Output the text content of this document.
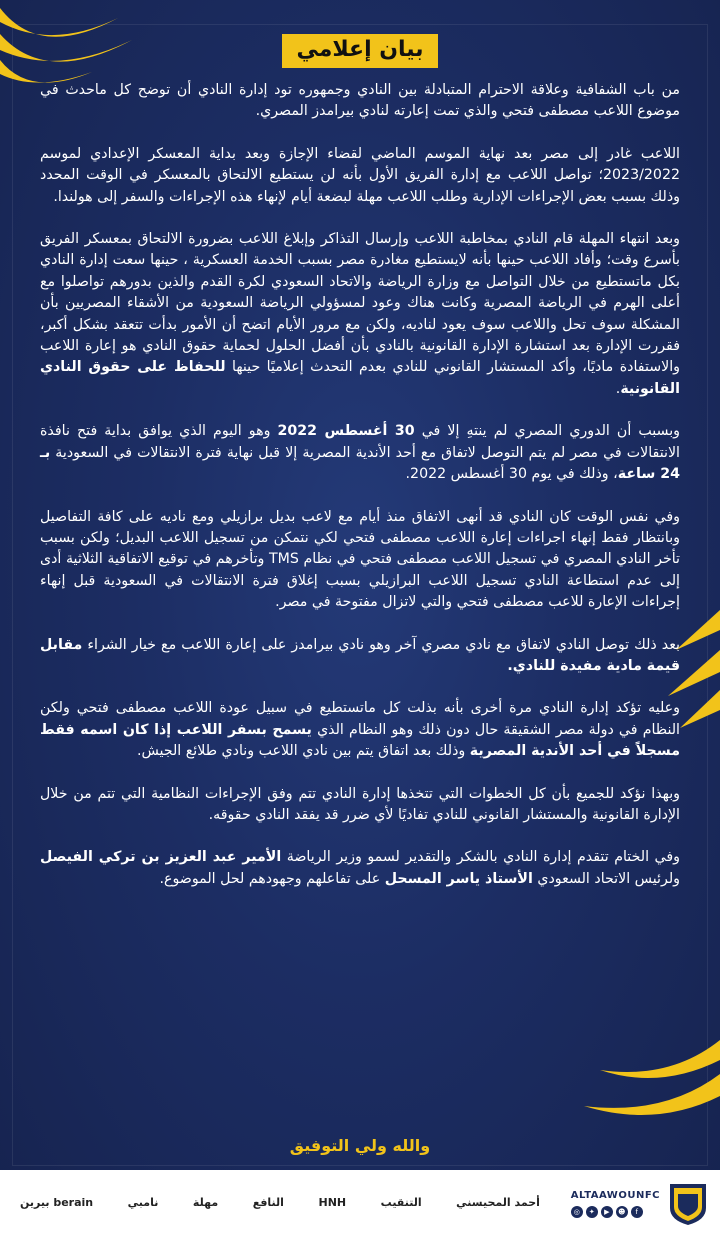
بيان إعلامي

من باب الشفافية وعلاقة الاحترام المتبادلة بين النادي وجمهوره تود إدارة النادي أن توضح كل ماحدث في موضوع اللاعب مصطفى فتحي والذي تمت إعارته لنادي بيرامدز المصري.

اللاعب غادر إلى مصر بعد نهاية الموسم الماضي لقضاء الإجازة وبعد بداية المعسكر الإعدادي لموسم 2023/2022؛ تواصل اللاعب مع إدارة الفريق الأول بأنه لن يستطيع الالتحاق بالمعسكر في الوقت المحدد وذلك بسبب بعض الإجراءات الإدارية وطلب اللاعب مهلة لبضعة أيام لإنهاء هذه الإجراءات والسفر إلى هولندا.

وبعد انتهاء المهلة قام النادي بمخاطبة اللاعب وإرسال التذاكر وإبلاغ اللاعب بضرورة الالتحاق بمعسكر الفريق بأسرع وقت؛ وأفاد اللاعب حينها بأنه لايستطيع مغادرة مصر بسبب الخدمة العسكرية ، حينها سعت إدارة النادي بكل ماتستطيع من خلال التواصل مع وزارة الرياضة والاتحاد السعودي لكرة القدم والذين بدورهم تواصلوا مع أعلى الهرم في الرياضة المصرية وكانت هناك وعود لمسؤولي الرياضة السعودية من الأشقاء المصريين بأن المشكلة سوف تحل واللاعب سوف يعود لناديه، ولكن مع مرور الأيام اتضح أن الأمور بدأت تتعقد بشكل أكبر، فقررت الإدارة بعد استشارة الإدارة القانونية بالنادي بأن أفضل الحلول لحماية حقوق النادي هو إعارة اللاعب والاستفادة ماديًا، وأكد المستشار القانوني للنادي بعدم التحدث إعلاميًا حينها للحفاظ على حقوق النادي القانونية.

وبسبب أن الدوري المصري لم ينتهِ إلا في 30 أغسطس 2022 وهو اليوم الذي يوافق بداية فتح نافذة الانتقالات في مصر لم يتم التوصل لاتفاق مع أحد الأندية المصرية إلا قبل نهاية فترة الانتقالات في السعودية بـ 24 ساعة، وذلك في يوم 30 أغسطس 2022.

وفي نفس الوقت كان النادي قد أنهى الاتفاق منذ أيام مع لاعب بديل برازيلي ومع ناديه على كافة التفاصيل وبانتظار فقط إنهاء اجراءات إعارة اللاعب مصطفى فتحي لكي نتمكن من تسجيل اللاعب البديل؛ ولكن بسبب تأخر النادي المصري في تسجيل اللاعب مصطفى فتحي في نظام TMS وتأخرهم في توقيع الاتفاقية الثلاثية أدى إلى عدم استطاعة النادي تسجيل اللاعب البرازيلي بسبب إغلاق فترة الانتقالات في السعودية قبل إنهاء إجراءات الإعارة للاعب مصطفى فتحي والتي لاتزال مفتوحة في مصر.

بعد ذلك توصل النادي لاتفاق مع نادي مصري آخر وهو نادي بيرامدز على إعارة اللاعب مع خيار الشراء مقابل قيمة مادية مفيدة للنادي.

وعليه تؤكد إدارة النادي مرة أخرى بأنه بذلت كل ماتستطيع في سبيل عودة اللاعب مصطفى فتحي ولكن النظام في دولة مصر الشقيقة حال دون ذلك وهو النظام الذي يسمح بسفر اللاعب إذا كان اسمه فقط مسجلاً في أحد الأندية المصرية وذلك بعد اتفاق يتم بين نادي اللاعب ونادي طلائع الجيش.

وبهذا نؤكد للجميع بأن كل الخطوات التي تتخذها إدارة النادي تتم وفق الإجراءات النظامية التي تتم من خلال الإدارة القانونية والمستشار القانوني للنادي تفاديًا لأي ضرر قد يفقد النادي حقوقه.

وفي الختام تتقدم إدارة النادي بالشكر والتقدير لسمو وزير الرياضة الأمير عبد العزيز بن تركي الفيصل ولرئيس الاتحاد السعودي الأستاذ ياسر المسحل على تفاعلهم وجهودهم لحل الموضوع.

والله ولي التوفيق
berain بيرين	نامبي	مهلة	النافع	HNH	التنقيب	أحمد المحيسني
ALTAAWOUNFC
◎	✦	▶	☻	f
